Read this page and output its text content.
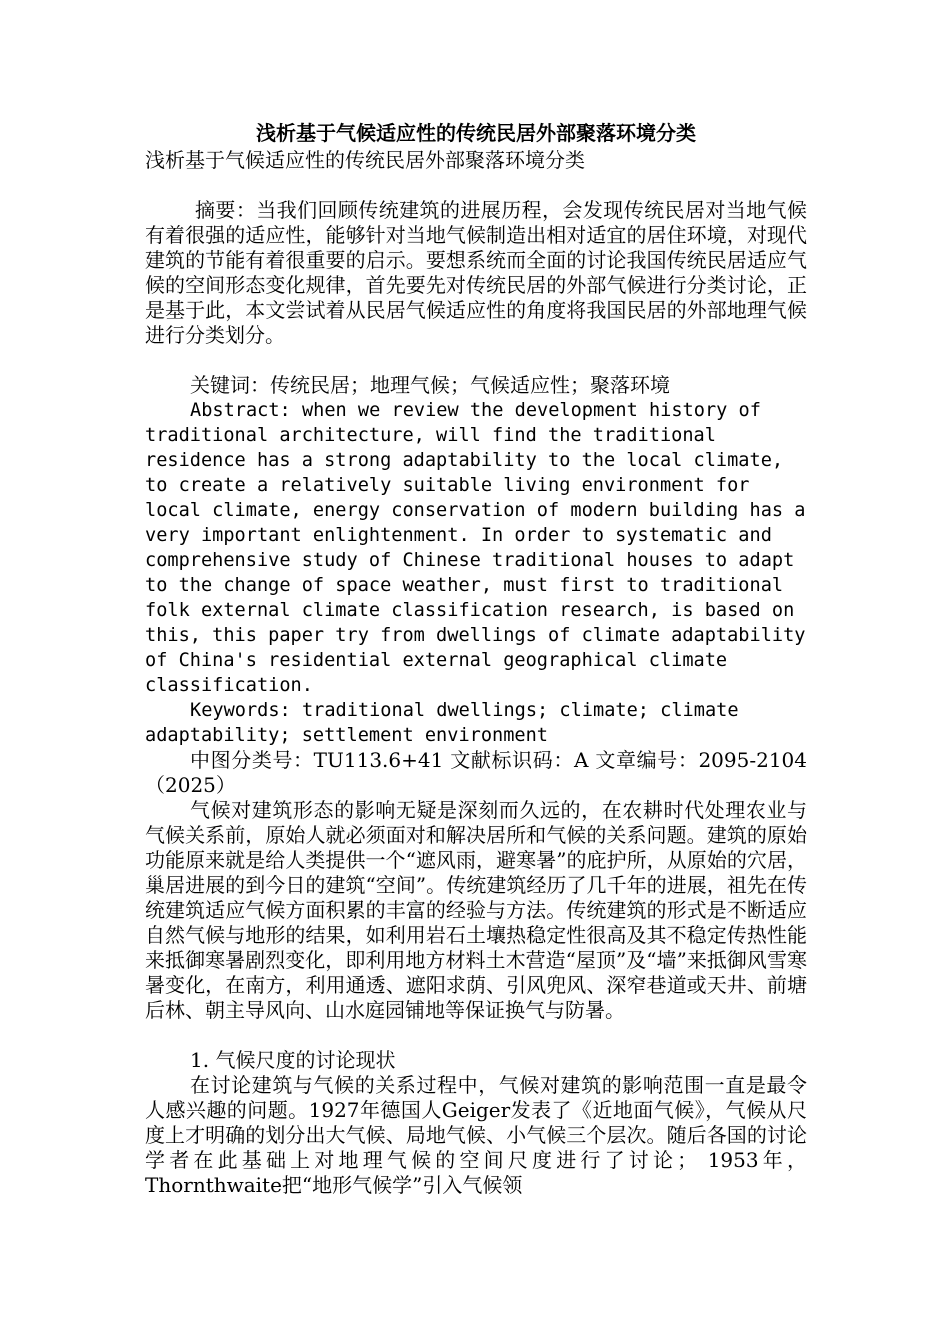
浅析基于气候适应性的传统民居外部聚落环境分类

浅析基于气候适应性的传统民居外部聚落环境分类

摘要：当我们回顾传统建筑的进展历程，会发现传统民居对当地气候有着很强的适应性，能够针对当地气候制造出相对适宜的居住环境，对现代建筑的节能有着很重要的启示。要想系统而全面的讨论我国传统民居适应气候的空间形态变化规律，首先要先对传统民居的外部气候进行分类讨论，正是基于此，本文尝试着从民居气候适应性的角度将我国民居的外部地理气候进行分类划分。

关键词：传统民居；地理气候；气候适应性；聚落环境

Abstract: when we review the development history of traditional architecture, will find the traditional residence has a strong adaptability to the local climate, to create a relatively suitable living environment for local climate, energy conservation of modern building has a very important enlightenment. In order to systematic and comprehensive study of Chinese traditional houses to adapt to the change of space weather, must first to traditional folk external climate classification research, is based on this, this paper try from dwellings of climate adaptability of China's residential external geographical climate classification.

Keywords: traditional dwellings; climate; climate adaptability; settlement environment

中图分类号：TU113.6+41 文献标识码：A 文章编号：2095-2104（2025）

气候对建筑形态的影响无疑是深刻而久远的，在农耕时代处理农业与气候关系前，原始人就必须面对和解决居所和气候的关系问题。建筑的原始功能原来就是给人类提供一个“遮风雨，避寒暑”的庇护所，从原始的穴居，巢居进展的到今日的建筑“空间”。传统建筑经历了几千年的进展，祖先在传统建筑适应气候方面积累的丰富的经验与方法。传统建筑的形式是不断适应自然气候与地形的结果，如利用岩石土壤热稳定性很高及其不稳定传热性能来抵御寒暑剧烈变化，即利用地方材料土木营造“屋顶”及“墙”来抵御风雪寒暑变化，在南方，利用通透、遮阳求荫、引风兜风、深窄巷道或天井、前塘后林、朝主导风向、山水庭园铺地等保证换气与防暑。

1. 气候尺度的讨论现状

在讨论建筑与气候的关系过程中，气候对建筑的影响范围一直是最令人感兴趣的问题。1927年德国人Geiger发表了《近地面气候》，气候从尺度上才明确的划分出大气候、局地气候、小气候三个层次。随后各国的讨论学者在此基础上对地理气候的空间尺度进行了讨论； 1953年，Thornthwaite把“地形气候学”引入气候领
